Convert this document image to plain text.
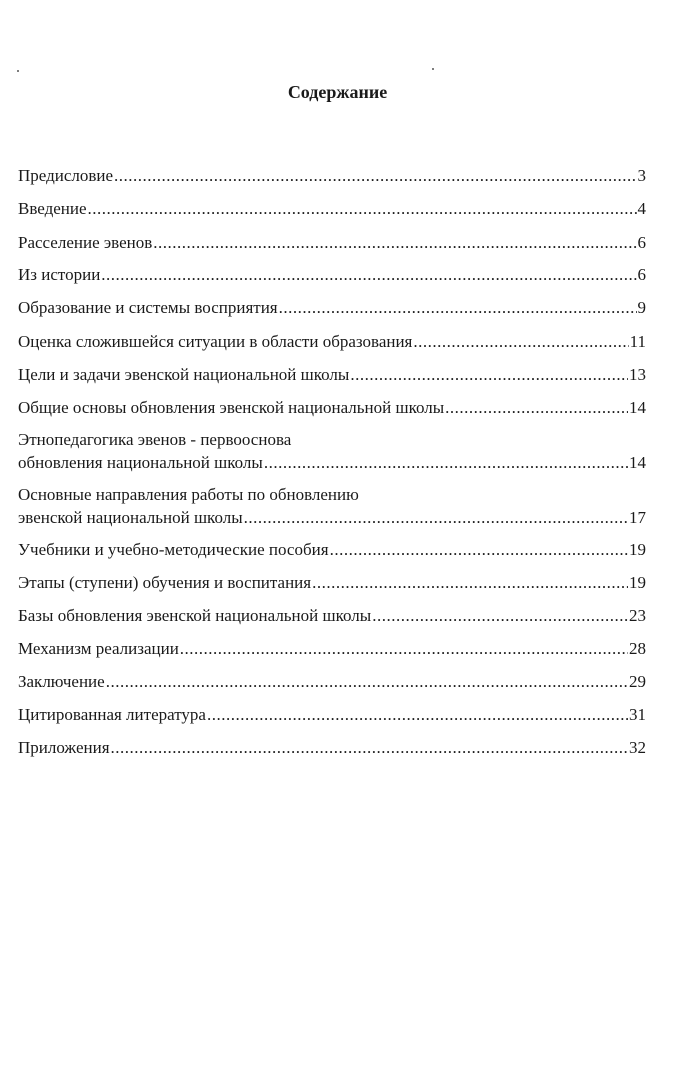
Содержание
Предисловие .....	3
Введение .....	4
Расселение эвенов .....	6
Из истории .....	6
Образование и системы восприятия .....	9
Оценка сложившейся ситуации в области образования .....	11
Цели и задачи эвенской национальной школы .....	13
Общие основы обновления эвенской национальной школы .....	14
Этнопедагогика эвенов - первооснова
обновления национальной школы .....	14
Основные направления работы по обновлению
эвенской национальной школы .....	17
Учебники и учебно-методические пособия .....	19
Этапы (ступени) обучения и воспитания .....	19
Базы обновления эвенской национальной школы .....	23
Механизм реализации .....	28
Заключение .....	29
Цитированная литература .....	31
Приложения .....	32
